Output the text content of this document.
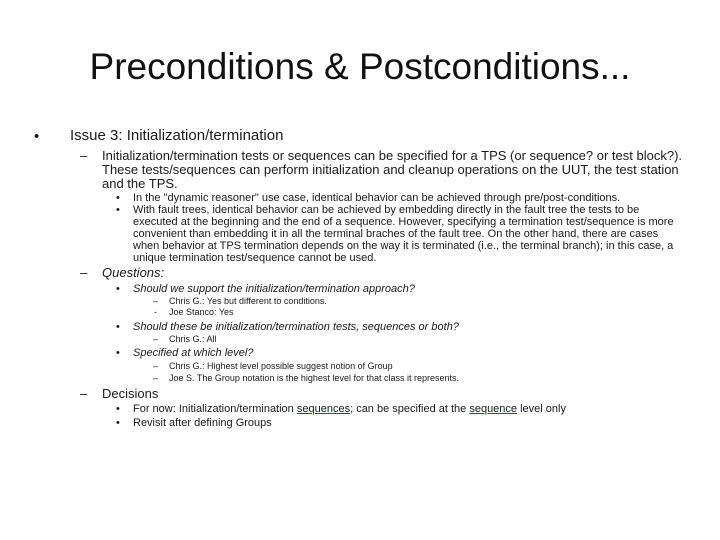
Preconditions & Postconditions...
• Issue 3: Initialization/termination
– Initialization/termination tests or sequences can be specified for a TPS (or sequence? or test block?). These tests/sequences can perform initialization and cleanup operations on the UUT, the test station and the TPS.
• In the "dynamic reasoner" use case, identical behavior can be achieved through pre/post-conditions.
• With fault trees, identical behavior can be achieved by embedding directly in the fault tree the tests to be executed at the beginning and the end of a sequence. However, specifying a termination test/sequence is more convenient than embedding it in all the terminal braches of the fault tree. On the other hand, there are cases when behavior at TPS termination depends on the way it is terminated (i.e., the terminal branch); in this case, a unique termination test/sequence cannot be used.
– Questions:
• Should we support the initialization/termination approach?
– Chris G.: Yes but different to conditions.
- Joe Stanco: Yes
• Should these be initialization/termination tests, sequences or both?
– Chris G.: All
• Specified at which level?
– Chris G.: Highest level possible suggest notion of Group
– Joe S. The Group notation is the highest level for that class it represents.
– Decisions
• For now: Initialization/termination sequences; can be specified at the sequence level only
• Revisit after defining Groups
